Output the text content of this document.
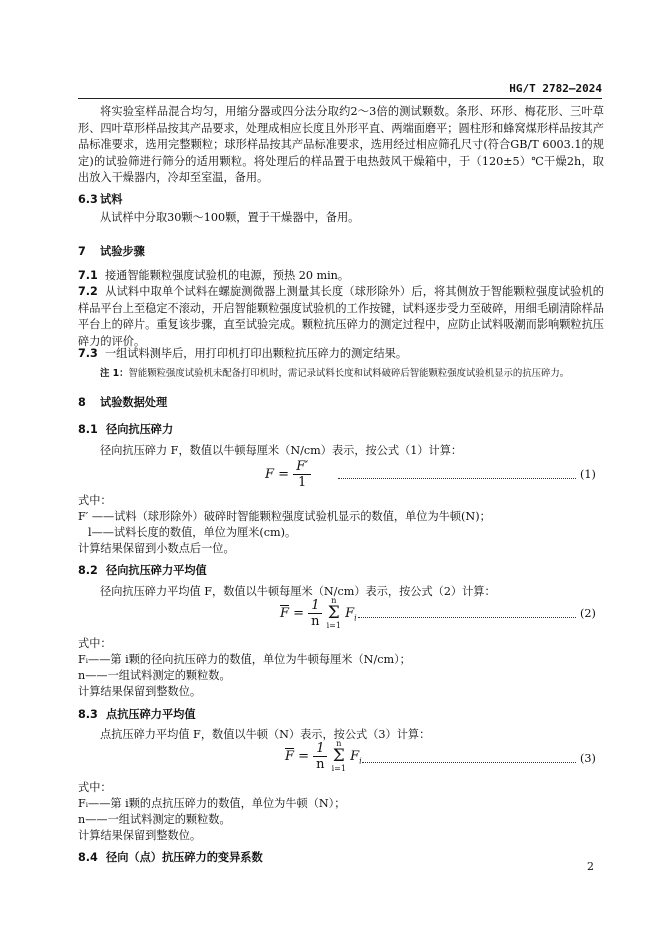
HG/T 2782—2024
将实验室样品混合均匀，用缩分器或四分法分取约2～3倍的测试颗数。条形、环形、梅花形、三叶草形、四叶草形样品按其产品要求，处理成相应长度且外形平直、两端面磨平；圆柱形和蜂窝煤形样品按其产品标准要求，选用完整颗粒；球形样品按其产品标准要求，选用经过相应筛孔尺寸(符合GB/T 6003.1的规定)的试验筛进行筛分的适用颗粒。将处理后的样品置于电热鼓风干燥箱中，于（120±5）℃干燥2h，取出放入干燥器内，冷却至室温，备用。
6.3 试料
从试样中分取30颗～100颗，置于干燥器中，备用。
7 试验步骤
7.1 接通智能颗粒强度试验机的电源，预热 20 min。
7.2 从试料中取单个试料在螺旋测微器上测量其长度（球形除外）后，将其侧放于智能颗粒强度试验机的样品平台上至稳定不滚动，开启智能颗粒强度试验机的工作按键，试料逐步受力至破碎，用细毛刷清除样品平台上的碎片。重复该步骤，直至试验完成。颗粒抗压碎力的测定过程中，应防止试料吸潮而影响颗粒抗压碎力的评价。
7.3 一组试料测毕后，用打印机打印出颗粒抗压碎力的测定结果。
注 1：智能颗粒强度试验机未配备打印机时，需记录试料长度和试料破碎后智能颗粒强度试验机显示的抗压碎力。
8 试验数据处理
8.1 径向抗压碎力
径向抗压碎力 F，数值以牛顿每厘米（N/cm）表示，按公式（1）计算：
$F = \frac{F'}{1}$	(1)
式中：
F′ ——试料（球形除外）破碎时智能颗粒强度试验机显示的数值，单位为牛顿(N)；
l——试料长度的数值，单位为厘米(cm)。
计算结果保留到小数点后一位。
8.2 径向抗压碎力平均值
径向抗压碎力平均值 F，数值以牛顿每厘米（N/cm）表示，按公式（2）计算：
$\overline{F} = \frac{1}{n}$ n
Σ
i=1 $F_i$	(2)
式中：
Fᵢ——第 i颗的径向抗压碎力的数值，单位为牛顿每厘米（N/cm）；
n——一组试料测定的颗粒数。
计算结果保留到整数位。
8.3 点抗压碎力平均值
点抗压碎力平均值 F，数值以牛顿（N）表示，按公式（3）计算：
$\overline{F} = \frac{1}{n}$ n
Σ
i=1 $F_i$	(3)
式中：
Fᵢ——第 i颗的点抗压碎力的数值，单位为牛顿（N）；
n——一组试料测定的颗粒数。
计算结果保留到整数位。
8.4 径向（点）抗压碎力的变异系数
2
